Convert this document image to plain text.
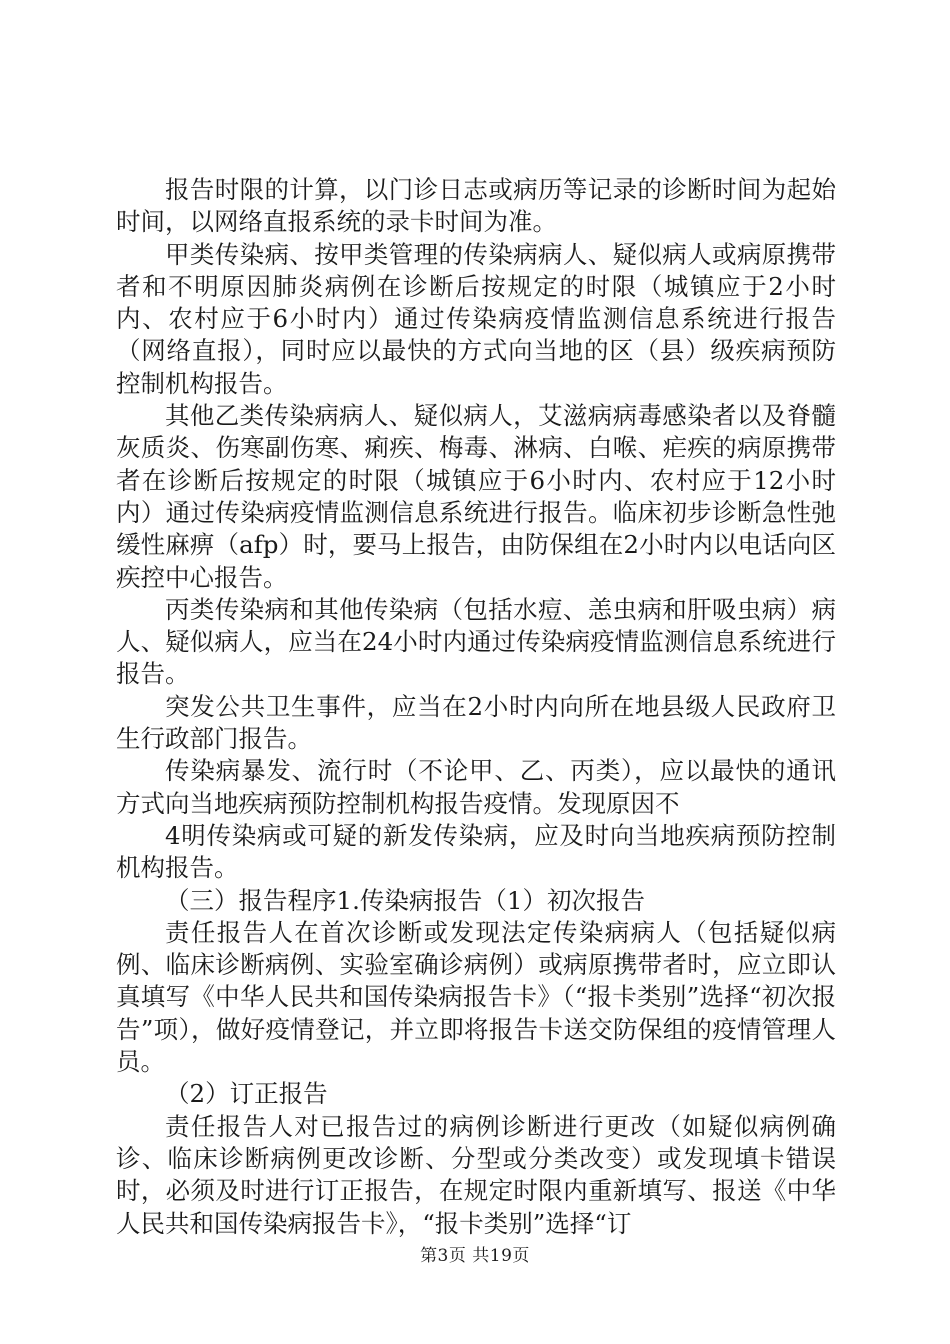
报告时限的计算，以门诊日志或病历等记录的诊断时间为起始时间，以网络直报系统的录卡时间为准。

甲类传染病、按甲类管理的传染病病人、疑似病人或病原携带者和不明原因肺炎病例在诊断后按规定的时限（城镇应于2小时内、农村应于6小时内）通过传染病疫情监测信息系统进行报告（网络直报），同时应以最快的方式向当地的区（县）级疾病预防控制机构报告。

其他乙类传染病病人、疑似病人，艾滋病病毒感染者以及脊髓灰质炎、伤寒副伤寒、痢疾、梅毒、淋病、白喉、疟疾的病原携带者在诊断后按规定的时限（城镇应于6小时内、农村应于12小时内）通过传染病疫情监测信息系统进行报告。临床初步诊断急性弛缓性麻痹（afp）时，要马上报告，由防保组在2小时内以电话向区疾控中心报告。

丙类传染病和其他传染病（包括水痘、恙虫病和肝吸虫病）病人、疑似病人，应当在24小时内通过传染病疫情监测信息系统进行报告。

突发公共卫生事件，应当在2小时内向所在地县级人民政府卫生行政部门报告。

传染病暴发、流行时（不论甲、乙、丙类），应以最快的通讯方式向当地疾病预防控制机构报告疫情。发现原因不

4明传染病或可疑的新发传染病，应及时向当地疾病预防控制机构报告。

（三）报告程序1.传染病报告（1）初次报告

责任报告人在首次诊断或发现法定传染病病人（包括疑似病例、临床诊断病例、实验室确诊病例）或病原携带者时，应立即认真填写《中华人民共和国传染病报告卡》（“报卡类别”选择“初次报告”项），做好疫情登记，并立即将报告卡送交防保组的疫情管理人员。

（2）订正报告

责任报告人对已报告过的病例诊断进行更改（如疑似病例确诊、临床诊断病例更改诊断、分型或分类改变）或发现填卡错误时，必须及时进行订正报告，在规定时限内重新填写、报送《中华人民共和国传染病报告卡》，“报卡类别”选择“订

第3页 共19页
